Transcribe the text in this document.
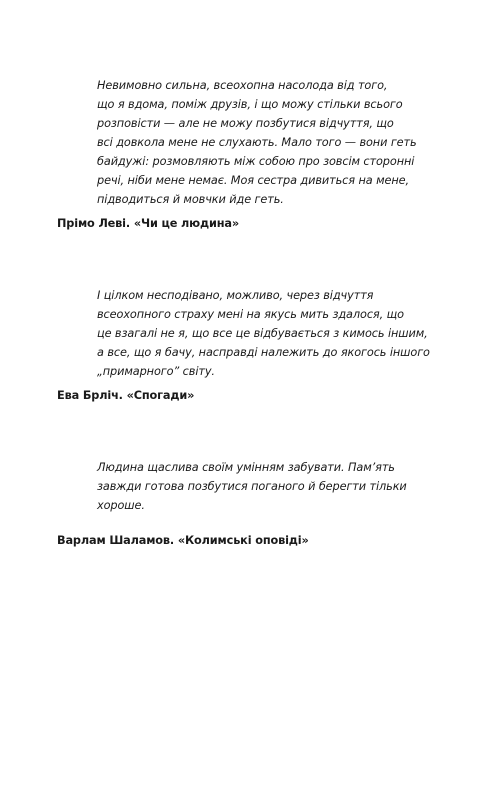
Невимовно сильна, всеохопна насолода від того,
що я вдома, поміж друзів, і що можу стільки всього
розповісти — але не можу позбутися відчуття, що
всі довкола мене не слухають. Мало того — вони геть
байдужі: розмовляють між собою про зовсім сторонні
речі, ніби мене немає. Моя сестра дивиться на мене,
підводиться й мовчки йде геть.
Прімо Леві. «Чи це людина»
І цілком несподівано, можливо, через відчуття
всеохопного страху мені на якусь мить здалося, що
це взагалі не я, що все це відбувається з кимось іншим,
а все, що я бачу, насправді належить до якогось іншого
„примарного” світу.
Ева Брліч. «Спогади»
Людина щаслива своїм умінням забувати. Пам’ять
завжди готова позбутися поганого й берегти тільки
хороше.
Варлам Шаламов. «Колимські оповіді»
